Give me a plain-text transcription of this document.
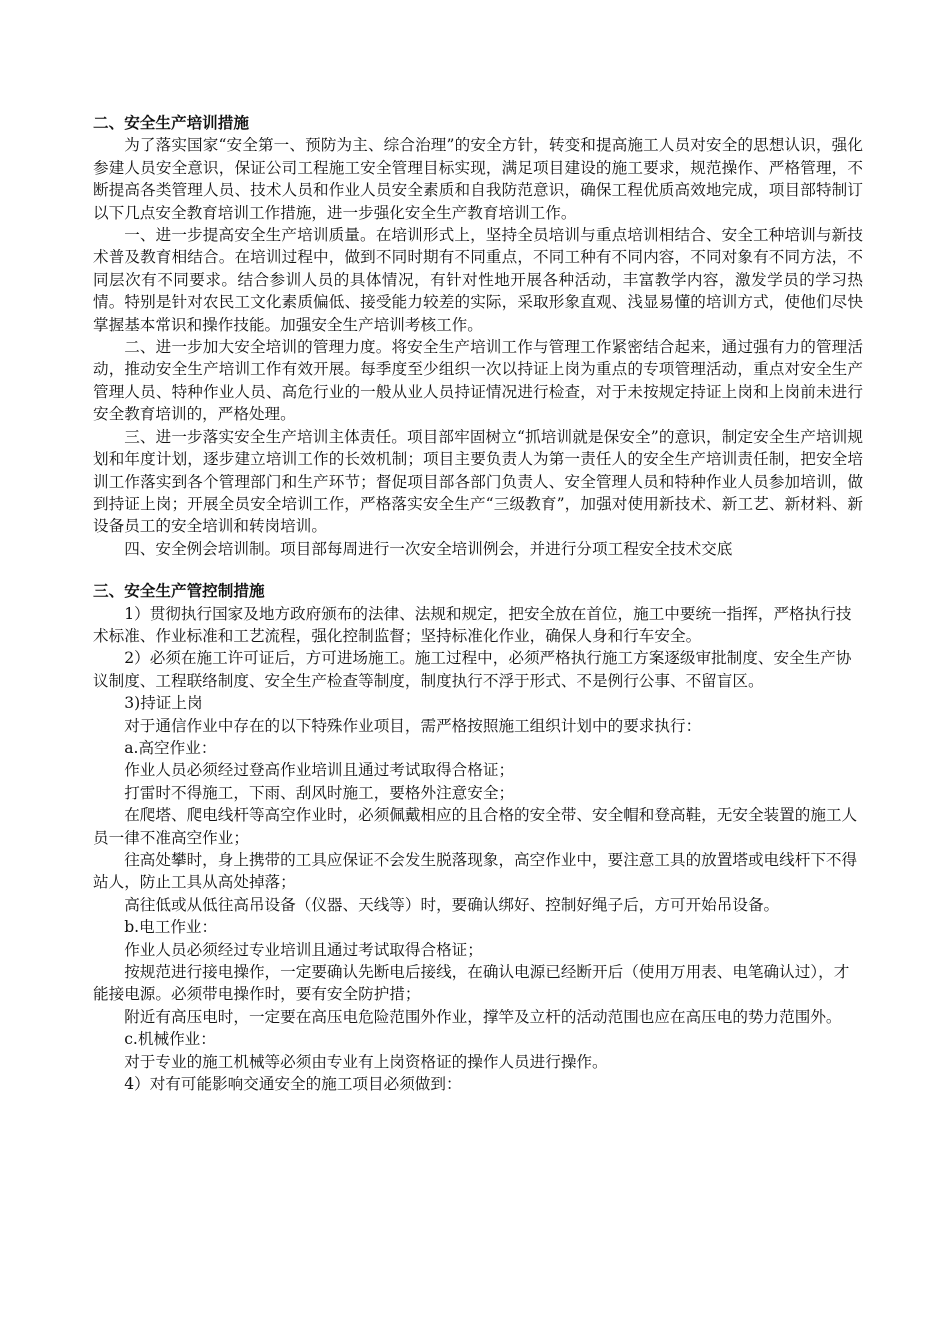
二、安全生产培训措施

为了落实国家“安全第一、预防为主、综合治理”的安全方针，转变和提高施工人员对安全的思想认识，强化参建人员安全意识，保证公司工程施工安全管理目标实现，满足项目建设的施工要求，规范操作、严格管理，不断提高各类管理人员、技术人员和作业人员安全素质和自我防范意识，确保工程优质高效地完成，项目部特制订以下几点安全教育培训工作措施，进一步强化安全生产教育培训工作。

一、进一步提高安全生产培训质量。在培训形式上，坚持全员培训与重点培训相结合、安全工种培训与新技术普及教育相结合。在培训过程中，做到不同时期有不同重点，不同工种有不同内容，不同对象有不同方法，不同层次有不同要求。结合参训人员的具体情况，有针对性地开展各种活动，丰富教学内容，激发学员的学习热情。特别是针对农民工文化素质偏低、接受能力较差的实际，采取形象直观、浅显易懂的培训方式，使他们尽快掌握基本常识和操作技能。加强安全生产培训考核工作。

二、进一步加大安全培训的管理力度。将安全生产培训工作与管理工作紧密结合起来，通过强有力的管理活动，推动安全生产培训工作有效开展。每季度至少组织一次以持证上岗为重点的专项管理活动，重点对安全生产管理人员、特种作业人员、高危行业的一般从业人员持证情况进行检查，对于未按规定持证上岗和上岗前未进行安全教育培训的，严格处理。

三、进一步落实安全生产培训主体责任。项目部牢固树立“抓培训就是保安全”的意识，制定安全生产培训规划和年度计划，逐步建立培训工作的长效机制；项目主要负责人为第一责任人的安全生产培训责任制，把安全培训工作落实到各个管理部门和生产环节；督促项目部各部门负责人、安全管理人员和特种作业人员参加培训，做到持证上岗；开展全员安全培训工作，严格落实安全生产“三级教育”，加强对使用新技术、新工艺、新材料、新设备员工的安全培训和转岗培训。

四、安全例会培训制。项目部每周进行一次安全培训例会，并进行分项工程安全技术交底

三、安全生产管控制措施

1）贯彻执行国家及地方政府颁布的法律、法规和规定，把安全放在首位，施工中要统一指挥，严格执行技术标准、作业标准和工艺流程，强化控制监督；坚持标准化作业，确保人身和行车安全。

2）必须在施工许可证后，方可进场施工。施工过程中，必须严格执行施工方案逐级审批制度、安全生产协议制度、工程联络制度、安全生产检查等制度，制度执行不浮于形式、不是例行公事、不留盲区。

3)持证上岗

对于通信作业中存在的以下特殊作业项目，需严格按照施工组织计划中的要求执行：

a.高空作业：

作业人员必须经过登高作业培训且通过考试取得合格证；

打雷时不得施工，下雨、刮风时施工，要格外注意安全；

在爬塔、爬电线杆等高空作业时，必须佩戴相应的且合格的安全带、安全帽和登高鞋，无安全装置的施工人员一律不准高空作业；

往高处攀时，身上携带的工具应保证不会发生脱落现象，高空作业中，要注意工具的放置塔或电线杆下不得站人，防止工具从高处掉落；

高往低或从低往高吊设备（仪器、天线等）时，要确认绑好、控制好绳子后，方可开始吊设备。

b.电工作业：

作业人员必须经过专业培训且通过考试取得合格证；

按规范进行接电操作，一定要确认先断电后接线，在确认电源已经断开后（使用万用表、电笔确认过），才能接电源。必须带电操作时，要有安全防护措；

附近有高压电时，一定要在高压电危险范围外作业，撑竿及立杆的活动范围也应在高压电的势力范围外。

c.机械作业：

对于专业的施工机械等必须由专业有上岗资格证的操作人员进行操作。

4）对有可能影响交通安全的施工项目必须做到：
